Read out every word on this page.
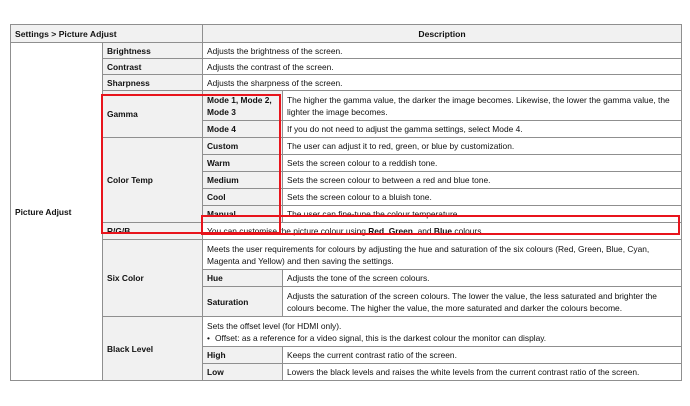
Settings > Picture Adjust		Description	
Picture Adjust	Brightness	Adjusts the brightness of the screen.	
	Contrast	Adjusts the contrast of the screen.	
	Sharpness	Adjusts the sharpness of the screen.	
	Gamma	Mode 1, Mode 2, Mode 3	The higher the gamma value, the darker the image becomes. Likewise, the lower the gamma value, the lighter the image becomes.
		Mode 4	If you do not need to adjust the gamma settings, select Mode 4.
	Color Temp	Custom	The user can adjust it to red, green, or blue by customization.
		Warm	Sets the screen colour to a reddish tone.
		Medium	Sets the screen colour to between a red and blue tone.
		Cool	Sets the screen colour to a bluish tone.
		Manual	The user can fine-tune the colour temperature.
	R/G/B	You can customise the picture colour using Red, Green, and Blue colours.	
	Six Color	Meets the user requirements for colours by adjusting the hue and saturation of the six colours (Red, Green, Blue, Cyan, Magenta and Yellow) and then saving the settings.	
		Hue	Adjusts the tone of the screen colours.
		Saturation	Adjusts the saturation of the screen colours. The lower the value, the less saturated and brighter the colours become. The higher the value, the more saturated and darker the colours become.
	Black Level	Sets the offset level (for HDMI only).
• Offset: as a reference for a video signal, this is the darkest colour the monitor can display.	
		High	Keeps the current contrast ratio of the screen.
		Low	Lowers the black levels and raises the white levels from the current contrast ratio of the screen.
